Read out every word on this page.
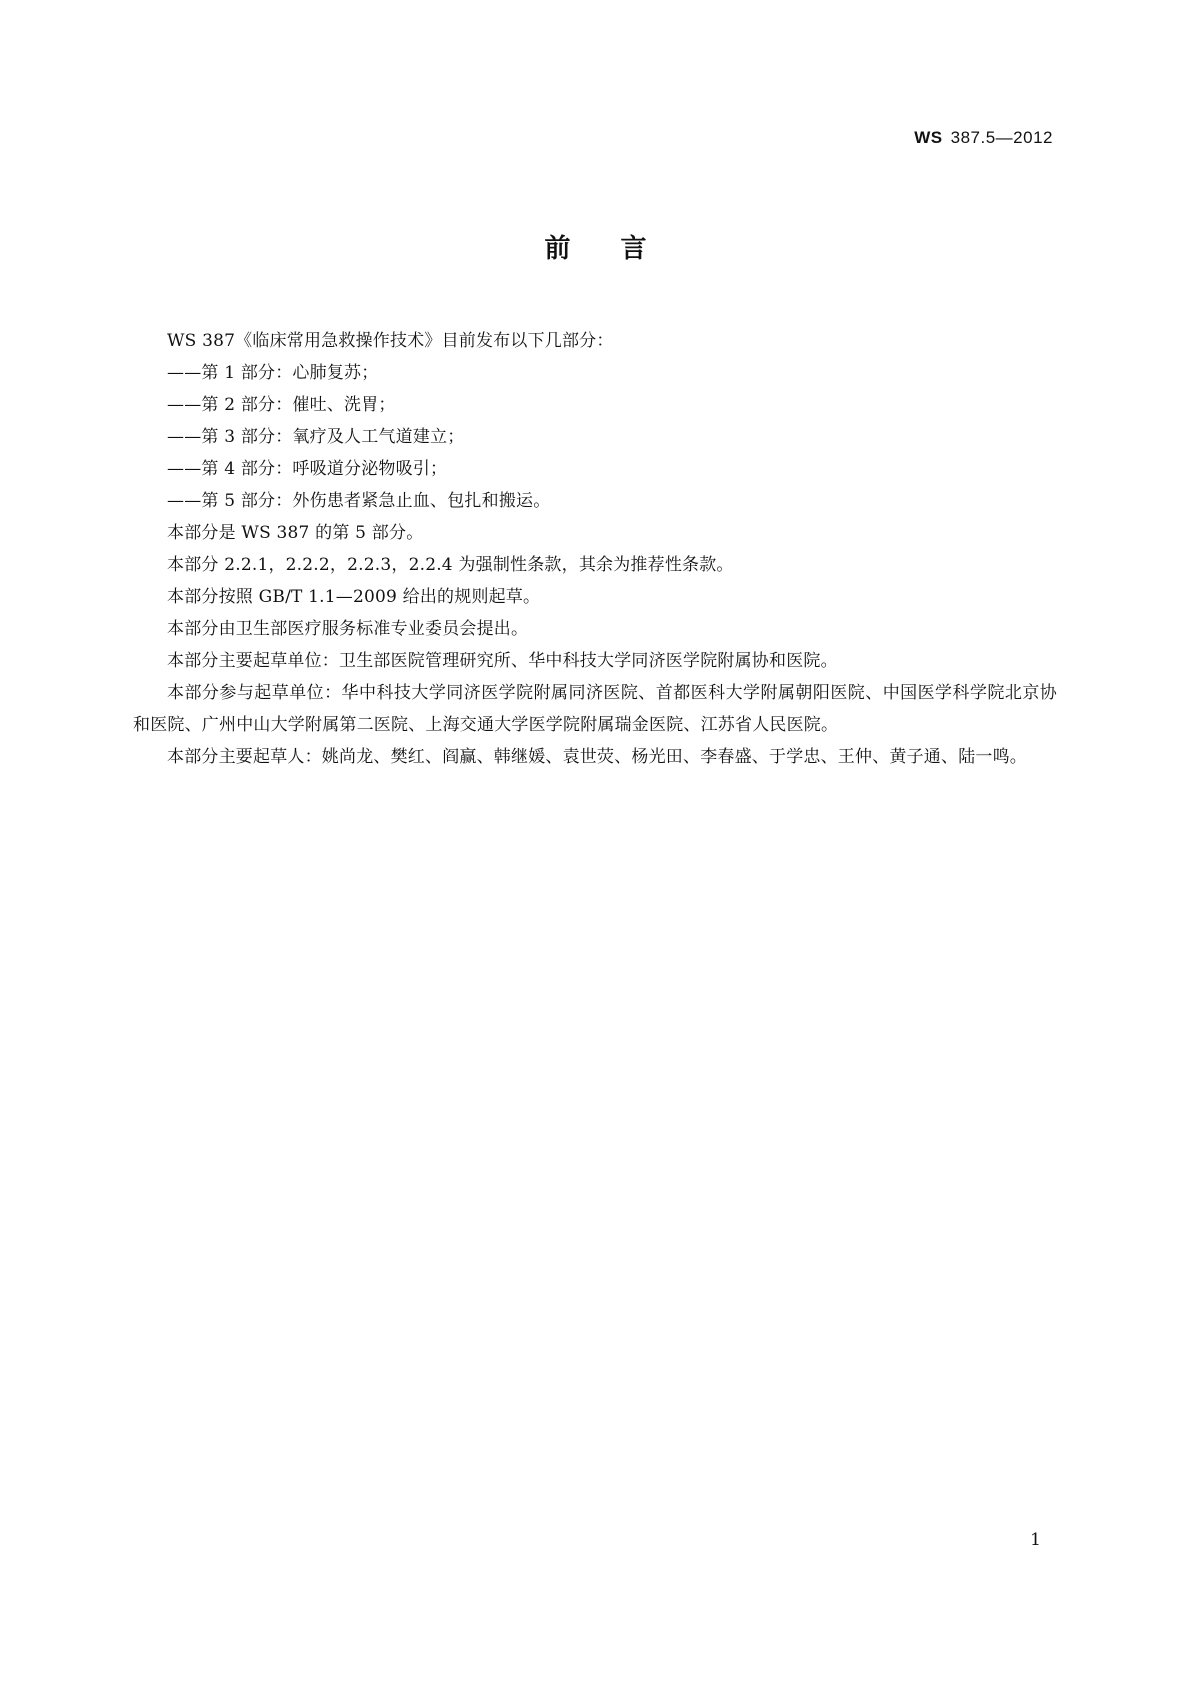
WS 387.5—2012
前言

WS 387《临床常用急救操作技术》目前发布以下几部分：

——第 1 部分：心肺复苏；

——第 2 部分：催吐、洗胃；

——第 3 部分：氧疗及人工气道建立；

——第 4 部分：呼吸道分泌物吸引；

——第 5 部分：外伤患者紧急止血、包扎和搬运。

本部分是 WS 387 的第 5 部分。

本部分 2.2.1，2.2.2，2.2.3，2.2.4 为强制性条款，其余为推荐性条款。

本部分按照 GB/T 1.1—2009 给出的规则起草。

本部分由卫生部医疗服务标准专业委员会提出。

本部分主要起草单位：卫生部医院管理研究所、华中科技大学同济医学院附属协和医院。

本部分参与起草单位：华中科技大学同济医学院附属同济医院、首都医科大学附属朝阳医院、中国医学科学院北京协和医院、广州中山大学附属第二医院、上海交通大学医学院附属瑞金医院、江苏省人民医院。

本部分主要起草人：姚尚龙、樊红、阎赢、韩继媛、袁世荧、杨光田、李春盛、于学忠、王仲、黄子通、陆一鸣。

1
